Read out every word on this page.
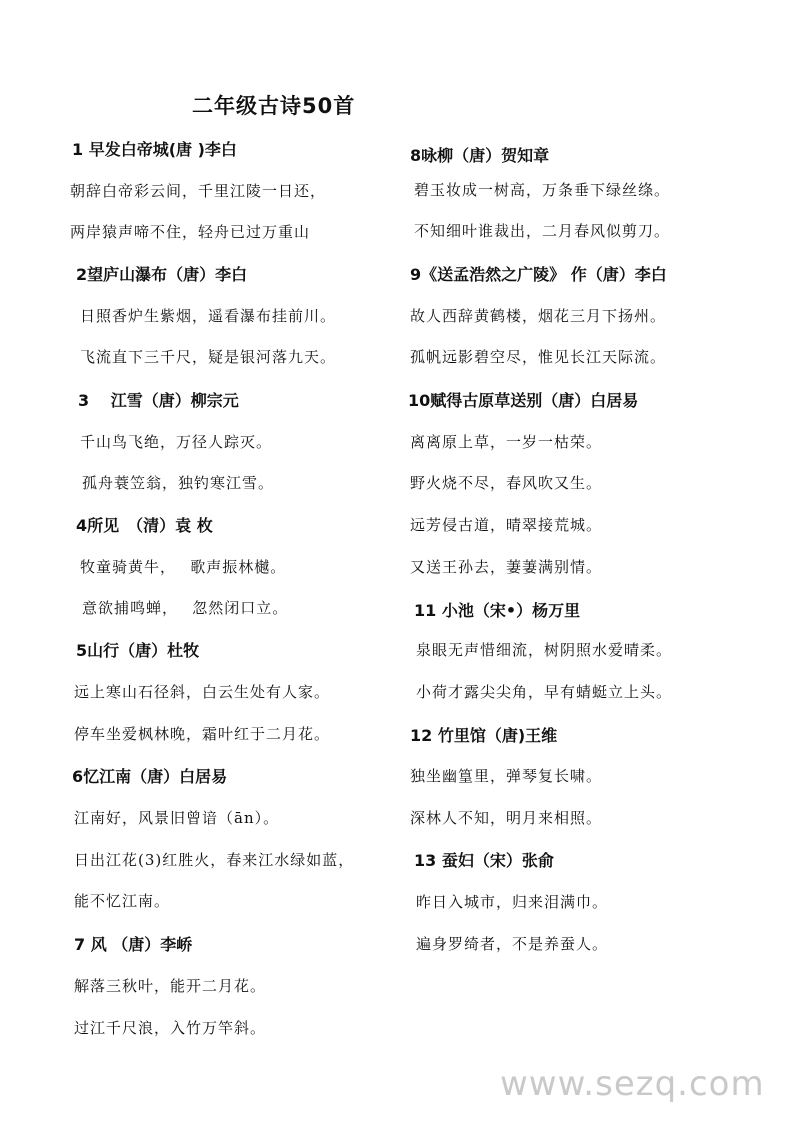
二年级古诗50首
1 早发白帝城(唐 )李白
朝辞白帝彩云间，千里江陵一日还，
两岸猿声啼不住，轻舟已过万重山
2望庐山瀑布（唐）李白
日照香炉生紫烟，遥看瀑布挂前川。
飞流直下三千尺，疑是银河落九天。
3　 江雪（唐）柳宗元
千山鸟飞绝，万径人踪灭。
孤舟蓑笠翁，独钓寒江雪。
4所见　（清）袁 枚
牧童骑黄牛，　 歌声振林樾。
意欲捕鸣蝉，　 忽然闭口立。
5山行（唐）杜牧
远上寒山石径斜，白云生处有人家。
停车坐爱枫林晚，霜叶红于二月花。
6忆江南（唐）白居易
江南好，风景旧曾谙（ān）。
日出江花(3)红胜火，春来江水绿如蓝，
能不忆江南。
7 风 （唐）李峤
解落三秋叶，能开二月花。
过江千尺浪，入竹万竿斜。
8咏柳（唐）贺知章
碧玉妆成一树高，万条垂下绿丝绦。
不知细叶谁裁出，二月春风似剪刀。
9《送孟浩然之广陵》 作（唐）李白
故人西辞黄鹤楼，烟花三月下扬州。
孤帆远影碧空尽，惟见长江天际流。
10赋得古原草送别（唐）白居易
离离原上草，一岁一枯荣。
野火烧不尽，春风吹又生。
远芳侵古道，晴翠接荒城。
又送王孙去，萋萋满别情。
11 小池（宋•）杨万里
泉眼无声惜细流，树阴照水爱晴柔。
小荷才露尖尖角，早有蜻蜓立上头。
12 竹里馆（唐)王维
独坐幽篁里，弹琴复长啸。
深林人不知，明月来相照。
13 蚕妇（宋）张俞
昨日入城市，归来泪满巾。
遍身罗绮者，不是养蚕人。
www.sezq.com
